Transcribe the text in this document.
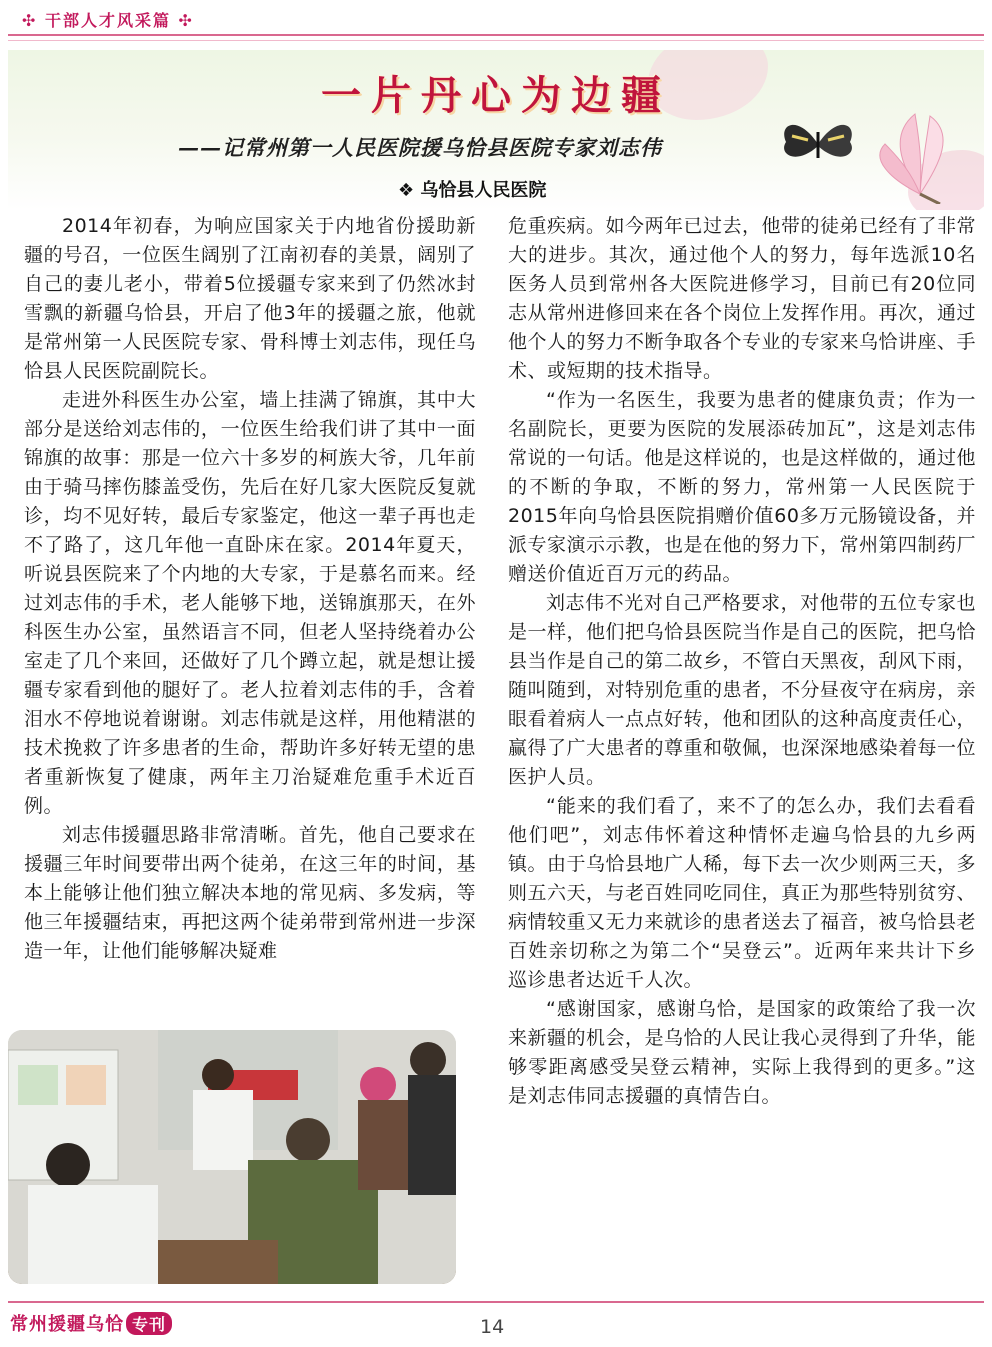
✣ 干部人才风采篇 ✣
一片丹心为边疆
——记常州第一人民医院援乌恰县医院专家刘志伟
❖ 乌恰县人民医院

2014年初春，为响应国家关于内地省份援助新疆的号召，一位医生阔别了江南初春的美景，阔别了自己的妻儿老小，带着5位援疆专家来到了仍然冰封雪飘的新疆乌恰县，开启了他3年的援疆之旅，他就是常州第一人民医院专家、骨科博士刘志伟，现任乌恰县人民医院副院长。

走进外科医生办公室，墙上挂满了锦旗，其中大部分是送给刘志伟的，一位医生给我们讲了其中一面锦旗的故事：那是一位六十多岁的柯族大爷，几年前由于骑马摔伤膝盖受伤，先后在好几家大医院反复就诊，均不见好转，最后专家鉴定，他这一辈子再也走不了路了，这几年他一直卧床在家。2014年夏天，听说县医院来了个内地的大专家，于是慕名而来。经过刘志伟的手术，老人能够下地，送锦旗那天，在外科医生办公室，虽然语言不同，但老人坚持绕着办公室走了几个来回，还做好了几个蹲立起，就是想让援疆专家看到他的腿好了。老人拉着刘志伟的手，含着泪水不停地说着谢谢。刘志伟就是这样，用他精湛的技术挽救了许多患者的生命，帮助许多好转无望的患者重新恢复了健康，两年主刀治疑难危重手术近百例。

刘志伟援疆思路非常清晰。首先，他自己要求在援疆三年时间要带出两个徒弟，在这三年的时间，基本上能够让他们独立解决本地的常见病、多发病，等他三年援疆结束，再把这两个徒弟带到常州进一步深造一年，让他们能够解决疑难

危重疾病。如今两年已过去，他带的徒弟已经有了非常大的进步。其次，通过他个人的努力，每年选派10名医务人员到常州各大医院进修学习，目前已有20位同志从常州进修回来在各个岗位上发挥作用。再次，通过他个人的努力不断争取各个专业的专家来乌恰讲座、手术、或短期的技术指导。

“作为一名医生，我要为患者的健康负责；作为一名副院长，更要为医院的发展添砖加瓦”，这是刘志伟常说的一句话。他是这样说的，也是这样做的，通过他的不断的争取，不断的努力，常州第一人民医院于2015年向乌恰县医院捐赠价值60多万元肠镜设备，并派专家演示示教，也是在他的努力下，常州第四制药厂赠送价值近百万元的药品。

刘志伟不光对自己严格要求，对他带的五位专家也是一样，他们把乌恰县医院当作是自己的医院，把乌恰县当作是自己的第二故乡，不管白天黑夜，刮风下雨，随叫随到，对特别危重的患者，不分昼夜守在病房，亲眼看着病人一点点好转，他和团队的这种高度责任心，赢得了广大患者的尊重和敬佩，也深深地感染着每一位医护人员。

“能来的我们看了，来不了的怎么办，我们去看看他们吧”，刘志伟怀着这种情怀走遍乌恰县的九乡两镇。由于乌恰县地广人稀，每下去一次少则两三天，多则五六天，与老百姓同吃同住，真正为那些特别贫穷、病情较重又无力来就诊的患者送去了福音，被乌恰县老百姓亲切称之为第二个“吴登云”。近两年来共计下乡巡诊患者达近千人次。

“感谢国家，感谢乌恰，是国家的政策给了我一次来新疆的机会，是乌恰的人民让我心灵得到了升华，能够零距离感受吴登云精神，实际上我得到的更多。”这是刘志伟同志援疆的真情告白。

常州援疆乌恰 专刊	14
